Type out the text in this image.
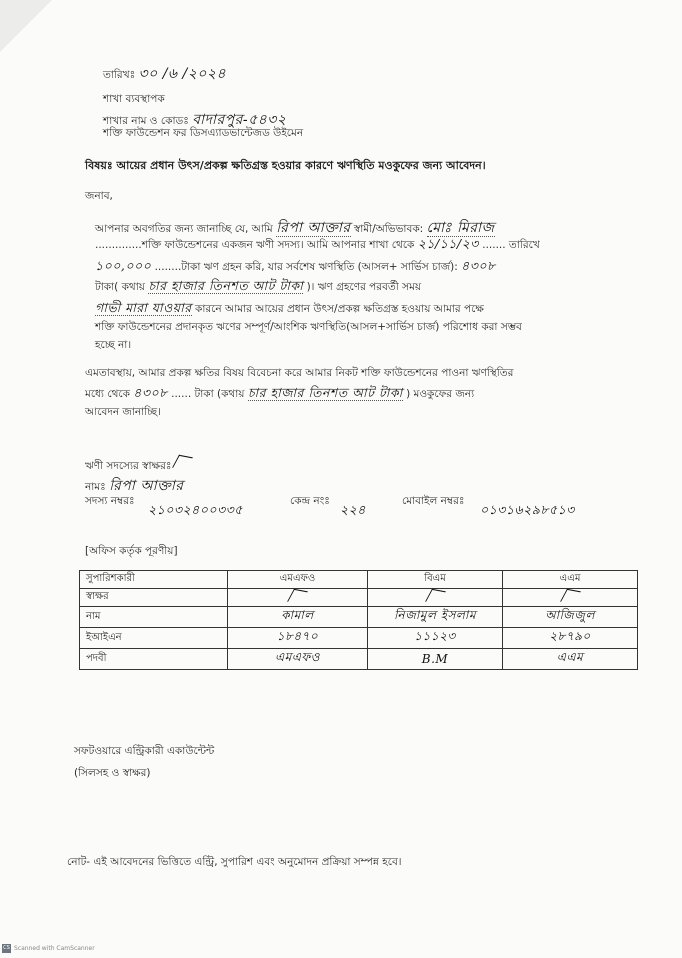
তারিখঃ ৩০ /৬ /২০২৪
শাখা ব্যবস্থাপক
শাখার নাম ও কোডঃ বাদারপুর-৫৪৩২
শক্তি ফাউন্ডেশন ফর ডিসএ্যাডভান্টেজড উইমেন
বিষয়ঃ আয়ের প্রধান উৎস/প্রকল্প ক্ষতিগ্রস্ত হওয়ার কারণে ঋণস্থিতি মওকুফের জন্য আবেদন।
জনাব,
আপনার অবগতির জন্য জানাচ্ছি যে, আমি রিপা আক্তার স্বামী/অভিভাবক: মোঃ মিরাজ
..............শক্তি ফাউন্ডেশনের একজন ঋণী সদস্য। আমি আপনার শাখা থেকে ২১/১১/২৩ ....... তারিখে
১০০,০০০ ........টাকা ঋণ গ্রহন করি, যার সর্বশেষ ঋণস্থিতি (আসল+ সার্ভিস চার্জ): ৪৩০৮
টাকা( কথায় চার হাজার তিনশত আট টাকা )। ঋণ গ্রহণের পরবর্তী সময়
গাভী মারা যাওয়ার কারনে আমার আয়ের প্রধান উৎস/প্রকল্প ক্ষতিগ্রস্ত হওয়ায় আমার পক্ষে
শক্তি ফাউন্ডেশনের প্রদানকৃত ঋণের সম্পূর্ণ/আংশিক ঋণস্থিতি(আসল+সার্ভিস চার্জ) পরিশোধ করা সম্ভব
হচ্ছে না।
এমতাবস্থায়, আমার প্রকল্প ক্ষতির বিষয় বিবেচনা করে আমার নিকট শক্তি ফাউন্ডেশনের পাওনা ঋণস্থিতির
মধ্যে থেকে ৪৩০৮ ...... টাকা (কথায় চার হাজার তিনশত আট টাকা ) মওকুফের জন্য
আবেদন জানাচ্ছি।
ঋণী সদস্যের স্বাক্ষরঃ
নামঃ রিপা আক্তার
সদস্য নম্বরঃ
২১০৩২৪০০৩৩৫
কেন্দ্র নংঃ
২২৪
মোবাইল নম্বরঃ
০১৩১৬২৯৮৫১৩
[অফিস কর্তৃক পূরণীয়]
সুপারিশকারী	এমএফও	বিএম	এএম
স্বাক্ষর			
নাম	কামাল	নিজামুল ইসলাম	আজিজুল
ইআইএন	১৮৪৭০	১১১২৩	২৮৭৯০
পদবী	এমএফও	B.M	এএম
সফটওয়ারে এন্ট্রিকারী একাউন্টেন্ট
(সিলসহ ও স্বাক্ষর)
নোট- এই আবেদনের ভিত্তিতে এন্ট্রি, সুপারিশ এবং অনুমোদন প্রক্রিয়া সম্পন্ন হবে।
CS Scanned with CamScanner
